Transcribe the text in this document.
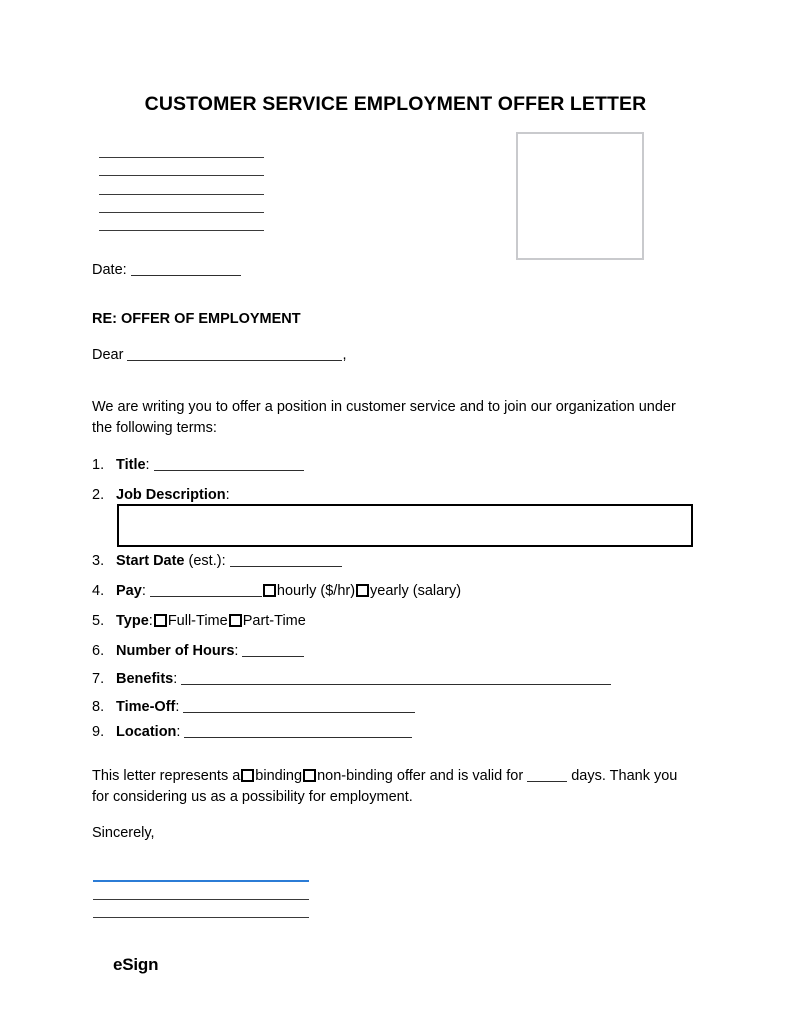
CUSTOMER SERVICE EMPLOYMENT OFFER LETTER
Date:
RE: OFFER OF EMPLOYMENT
Dear	,
We are writing you to offer a position in customer service and to join our organization under the following terms:
1. Title:
2. Job Description:
3. Start Date (est.):
4. Pay:	hourly ($/hr) yearly (salary)
5. Type: Full-Time Part-Time
6. Number of Hours:
7. Benefits:
8. Time-Off:
9. Location:
This letter represents a binding non-binding offer and is valid for	days. Thank you for considering us as a possibility for employment.
Sincerely,
eSign
